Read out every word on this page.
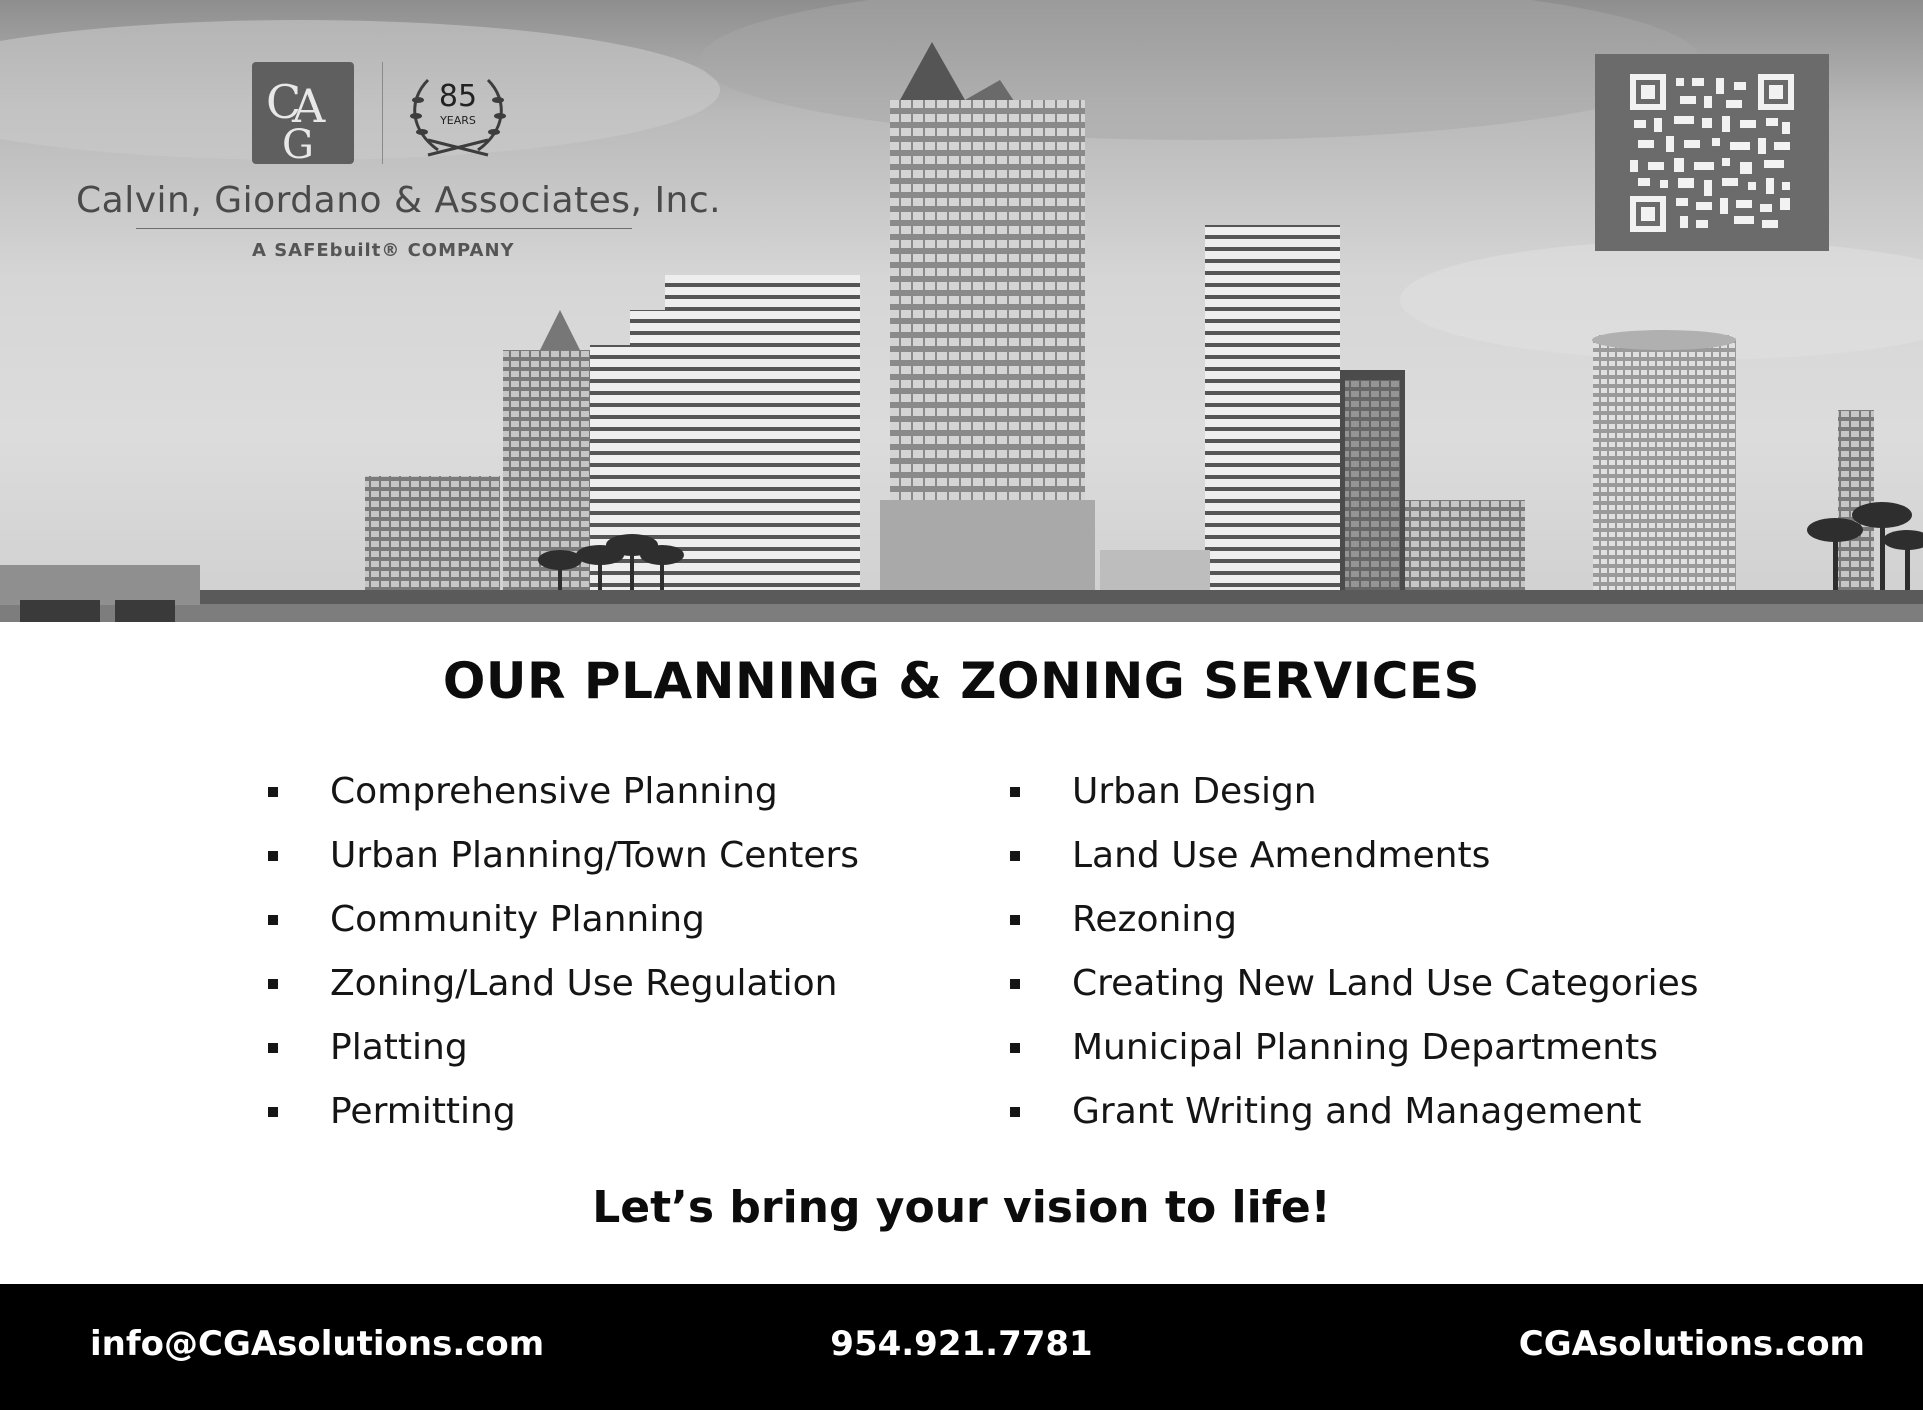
C
A
G
85
YEARS
Calvin, Giordano & Associates, Inc.
A SAFEbuilt® COMPANY
OUR PLANNING & ZONING SERVICES
Comprehensive Planning
Urban Planning/Town Centers
Community Planning
Zoning/Land Use Regulation
Platting
Permitting
Urban Design
Land Use Amendments
Rezoning
Creating New Land Use Categories
Municipal Planning Departments
Grant Writing and Management
Let’s bring your vision to life!
info@CGAsolutions.com	954.921.7781	CGAsolutions.com
